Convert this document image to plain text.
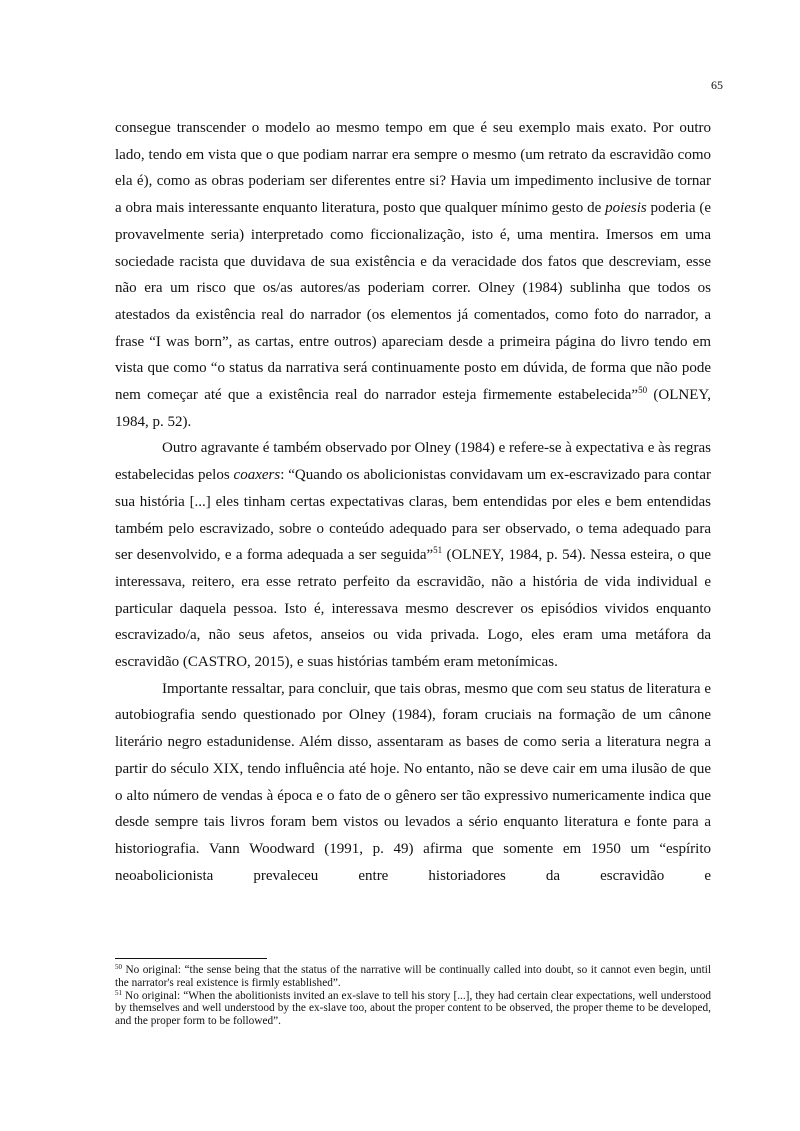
65

consegue transcender o modelo ao mesmo tempo em que é seu exemplo mais exato. Por outro lado, tendo em vista que o que podiam narrar era sempre o mesmo (um retrato da escravidão como ela é), como as obras poderiam ser diferentes entre si? Havia um impedimento inclusive de tornar a obra mais interessante enquanto literatura, posto que qualquer mínimo gesto de poiesis poderia (e provavelmente seria) interpretado como ficcionalização, isto é, uma mentira. Imersos em uma sociedade racista que duvidava de sua existência e da veracidade dos fatos que descreviam, esse não era um risco que os/as autores/as poderiam correr. Olney (1984) sublinha que todos os atestados da existência real do narrador (os elementos já comentados, como foto do narrador, a frase “I was born”, as cartas, entre outros) apareciam desde a primeira página do livro tendo em vista que como “o status da narrativa será continuamente posto em dúvida, de forma que não pode nem começar até que a existência real do narrador esteja firmemente estabelecida”$^{50}$ (OLNEY, 1984, p. 52).

Outro agravante é também observado por Olney (1984) e refere-se à expectativa e às regras estabelecidas pelos coaxers: “Quando os abolicionistas convidavam um ex-escravizado para contar sua história [...] eles tinham certas expectativas claras, bem entendidas por eles e bem entendidas também pelo escravizado, sobre o conteúdo adequado para ser observado, o tema adequado para ser desenvolvido, e a forma adequada a ser seguida”$^{51}$ (OLNEY, 1984, p. 54). Nessa esteira, o que interessava, reitero, era esse retrato perfeito da escravidão, não a história de vida individual e particular daquela pessoa. Isto é, interessava mesmo descrever os episódios vividos enquanto escravizado/a, não seus afetos, anseios ou vida privada. Logo, eles eram uma metáfora da escravidão (CASTRO, 2015), e suas histórias também eram metonímicas.

Importante ressaltar, para concluir, que tais obras, mesmo que com seu status de literatura e autobiografia sendo questionado por Olney (1984), foram cruciais na formação de um cânone literário negro estadunidense. Além disso, assentaram as bases de como seria a literatura negra a partir do século XIX, tendo influência até hoje. No entanto, não se deve cair em uma ilusão de que o alto número de vendas à época e o fato de o gênero ser tão expressivo numericamente indica que desde sempre tais livros foram bem vistos ou levados a sério enquanto literatura e fonte para a historiografia. Vann Woodward (1991, p. 49) afirma que somente em 1950 um “espírito neoabolicionista prevaleceu entre historiadores da escravidão e

$^{50}$ No original: “the sense being that the status of the narrative will be continually called into doubt, so it cannot even begin, until the narrator's real existence is firmly established”.

$^{51}$ No original: “When the abolitionists invited an ex-slave to tell his story [...], they had certain clear expectations, well understood by themselves and well understood by the ex-slave too, about the proper content to be observed, the proper theme to be developed, and the proper form to be followed”.
